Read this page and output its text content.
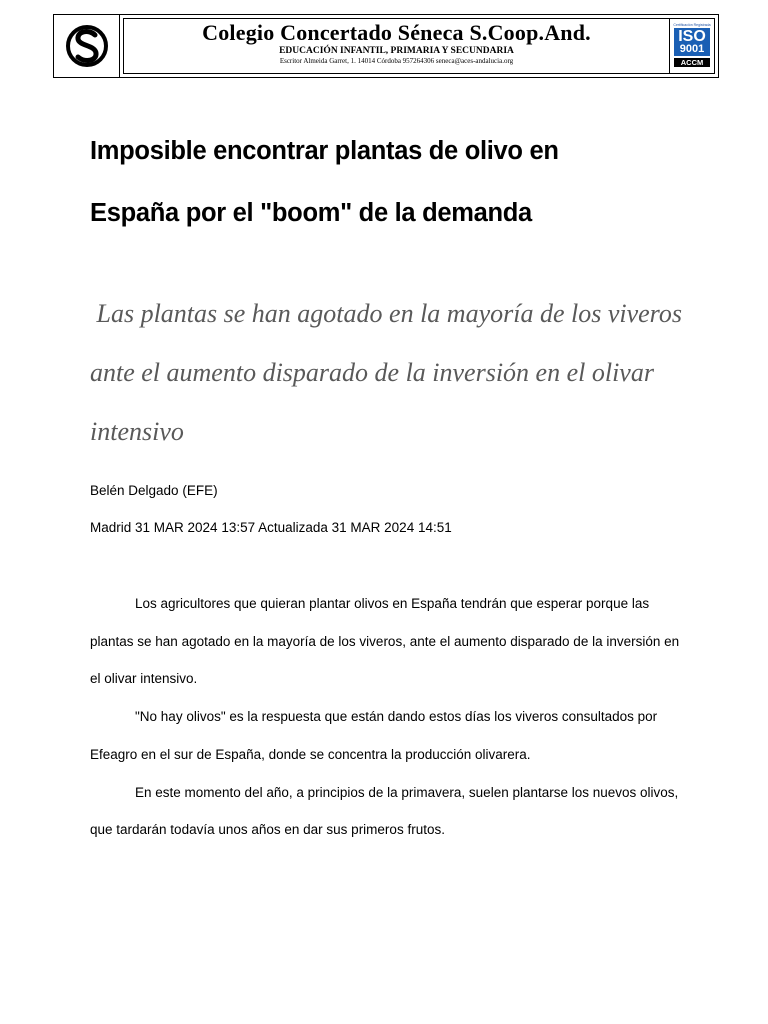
Colegio Concertado Séneca S.Coop.And.
EDUCACIÓN INFANTIL, PRIMARIA Y SECUNDARIA
Escritor Almeida Garret, 1. 14014 Córdoba 957264306 seneca@aces-andalucia.org
Certificación Registrada
ISO
9001
ACCM
Imposible encontrar plantas de olivo en
España por el "boom" de la demanda

Las plantas se han agotado en la mayoría de los viveros ante el aumento disparado de la inversión en el olivar intensivo

Belén Delgado (EFE)
Madrid 31 MAR 2024 13:57 Actualizada 31 MAR 2024 14:51

Los agricultores que quieran plantar olivos en España tendrán que esperar porque las plantas se han agotado en la mayoría de los viveros, ante el aumento disparado de la inversión en el olivar intensivo.

"No hay olivos" es la respuesta que están dando estos días los viveros consultados por Efeagro en el sur de España, donde se concentra la producción olivarera.

En este momento del año, a principios de la primavera, suelen plantarse los nuevos olivos, que tardarán todavía unos años en dar sus primeros frutos.
